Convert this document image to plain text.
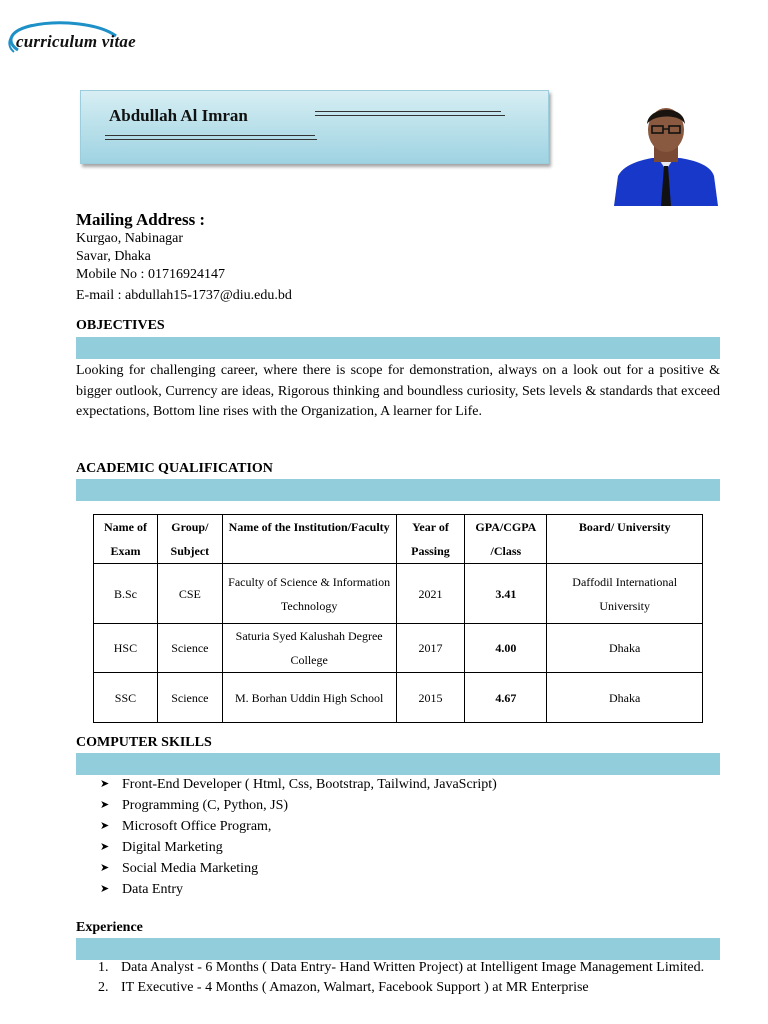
curriculum vitae
Abdullah Al Imran
Mailing Address :
Kurgao, Nabinagar
Savar, Dhaka
Mobile No : 01716924147
E-mail : abdullah15-1737@diu.edu.bd
OBJECTIVES
Looking for challenging career, where there is scope for demonstration, always on a look out for a positive & bigger outlook, Currency are ideas, Rigorous thinking and boundless curiosity, Sets levels & standards that exceed expectations, Bottom line rises with the Organization, A learner for Life.
ACADEMIC QUALIFICATION
Name of Exam	Group/ Subject	Name of the Institution/Faculty	Year of Passing	GPA/CGPA /Class	Board/ University
B.Sc	CSE	Faculty of Science & Information Technology	2021	3.41	Daffodil International University
HSC	Science	Saturia Syed Kalushah Degree College	2017	4.00	Dhaka
SSC	Science	M. Borhan Uddin High School	2015	4.67	Dhaka
COMPUTER SKILLS
➤ Front-End Developer ( Html, Css, Bootstrap, Tailwind, JavaScript)
➤ Programming (C, Python, JS)
➤ Microsoft Office Program,
➤ Digital Marketing
➤ Social Media Marketing
➤ Data Entry
Experience
1. Data Analyst - 6 Months ( Data Entry- Hand Written Project) at Intelligent Image Management Limited.
2. IT Executive - 4 Months ( Amazon, Walmart, Facebook Support ) at MR Enterprise
